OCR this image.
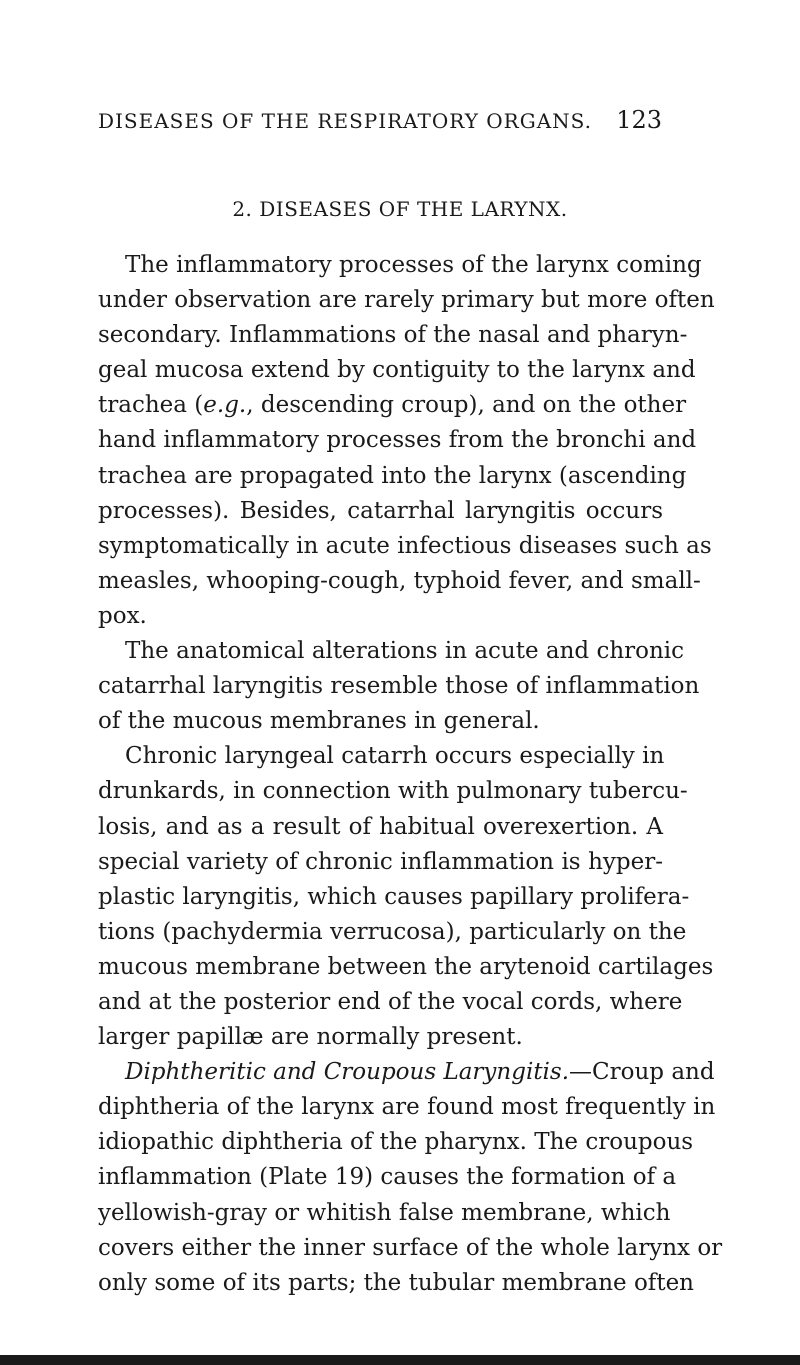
DISEASES OF THE RESPIRATORY ORGANS. 123
2. DISEASES OF THE LARYNX.
The inflammatory processes of the larynx coming
under observation are rarely primary but more often
secondary. Inflammations of the nasal and pharyn-
geal mucosa extend by contiguity to the larynx and
trachea (e.g., descending croup), and on the other
hand inflammatory processes from the bronchi and
trachea are propagated into the larynx (ascending
processes). Besides, catarrhal laryngitis occurs
symptomatically in acute infectious diseases such as
measles, whooping-cough, typhoid fever, and small-
pox.
The anatomical alterations in acute and chronic
catarrhal laryngitis resemble those of inflammation
of the mucous membranes in general.
Chronic laryngeal catarrh occurs especially in
drunkards, in connection with pulmonary tubercu-
losis, and as a result of habitual overexertion. A
special variety of chronic inflammation is hyper-
plastic laryngitis, which causes papillary prolifera-
tions (pachydermia verrucosa), particularly on the
mucous membrane between the arytenoid cartilages
and at the posterior end of the vocal cords, where
larger papillæ are normally present.
Diphtheritic and Croupous Laryngitis.—Croup and
diphtheria of the larynx are found most frequently in
idiopathic diphtheria of the pharynx. The croupous
inflammation (Plate 19) causes the formation of a
yellowish-gray or whitish false membrane, which
covers either the inner surface of the whole larynx or
only some of its parts; the tubular membrane often
